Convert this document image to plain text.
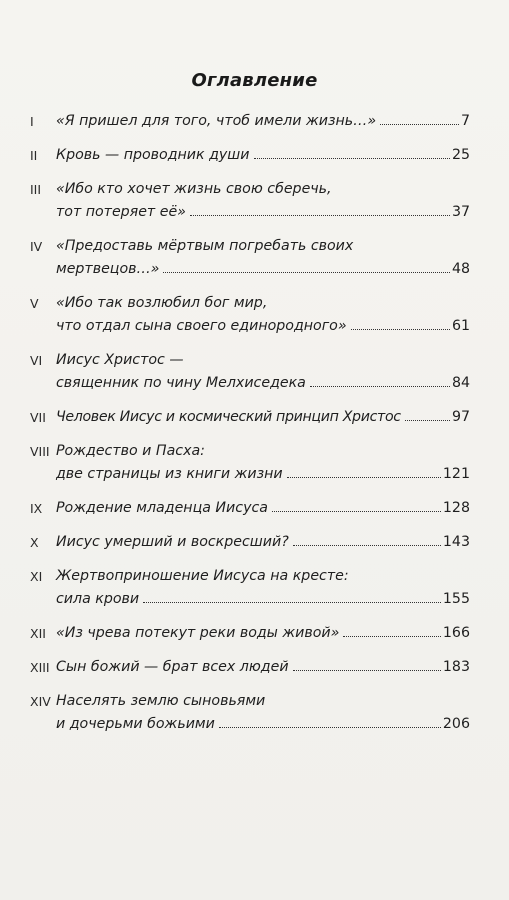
Оглавление
I	«Я пришел для того, чтоб имели жизнь…»	7
II	Кровь — проводник души	25
III	«Ибо кто хочет жизнь свою сберечь,
тот потеряет её»	37
IV «Предоставь мёртвым погребать своих
мертвецов…»	48
V	«Ибо так возлюбил бог мир,
что отдал сына своего единородного»	61
VI Иисус Христос —
священник по чину Мелхиседека	84
VII Человек Иисус и космический принцип Христос	97
VIII Рождество и Пасха:
две страницы из книги жизни	121
IX Рождение младенца Иисуса	128
X	Иисус умерший и воскресший?	143
XI Жертвоприношение Иисуса на кресте:
сила крови	155
XII «Из чрева потекут реки воды живой»	166
XIII Сын божий — брат всех людей	183
XIV Населять землю сыновьями
и дочерьми божьими	206
